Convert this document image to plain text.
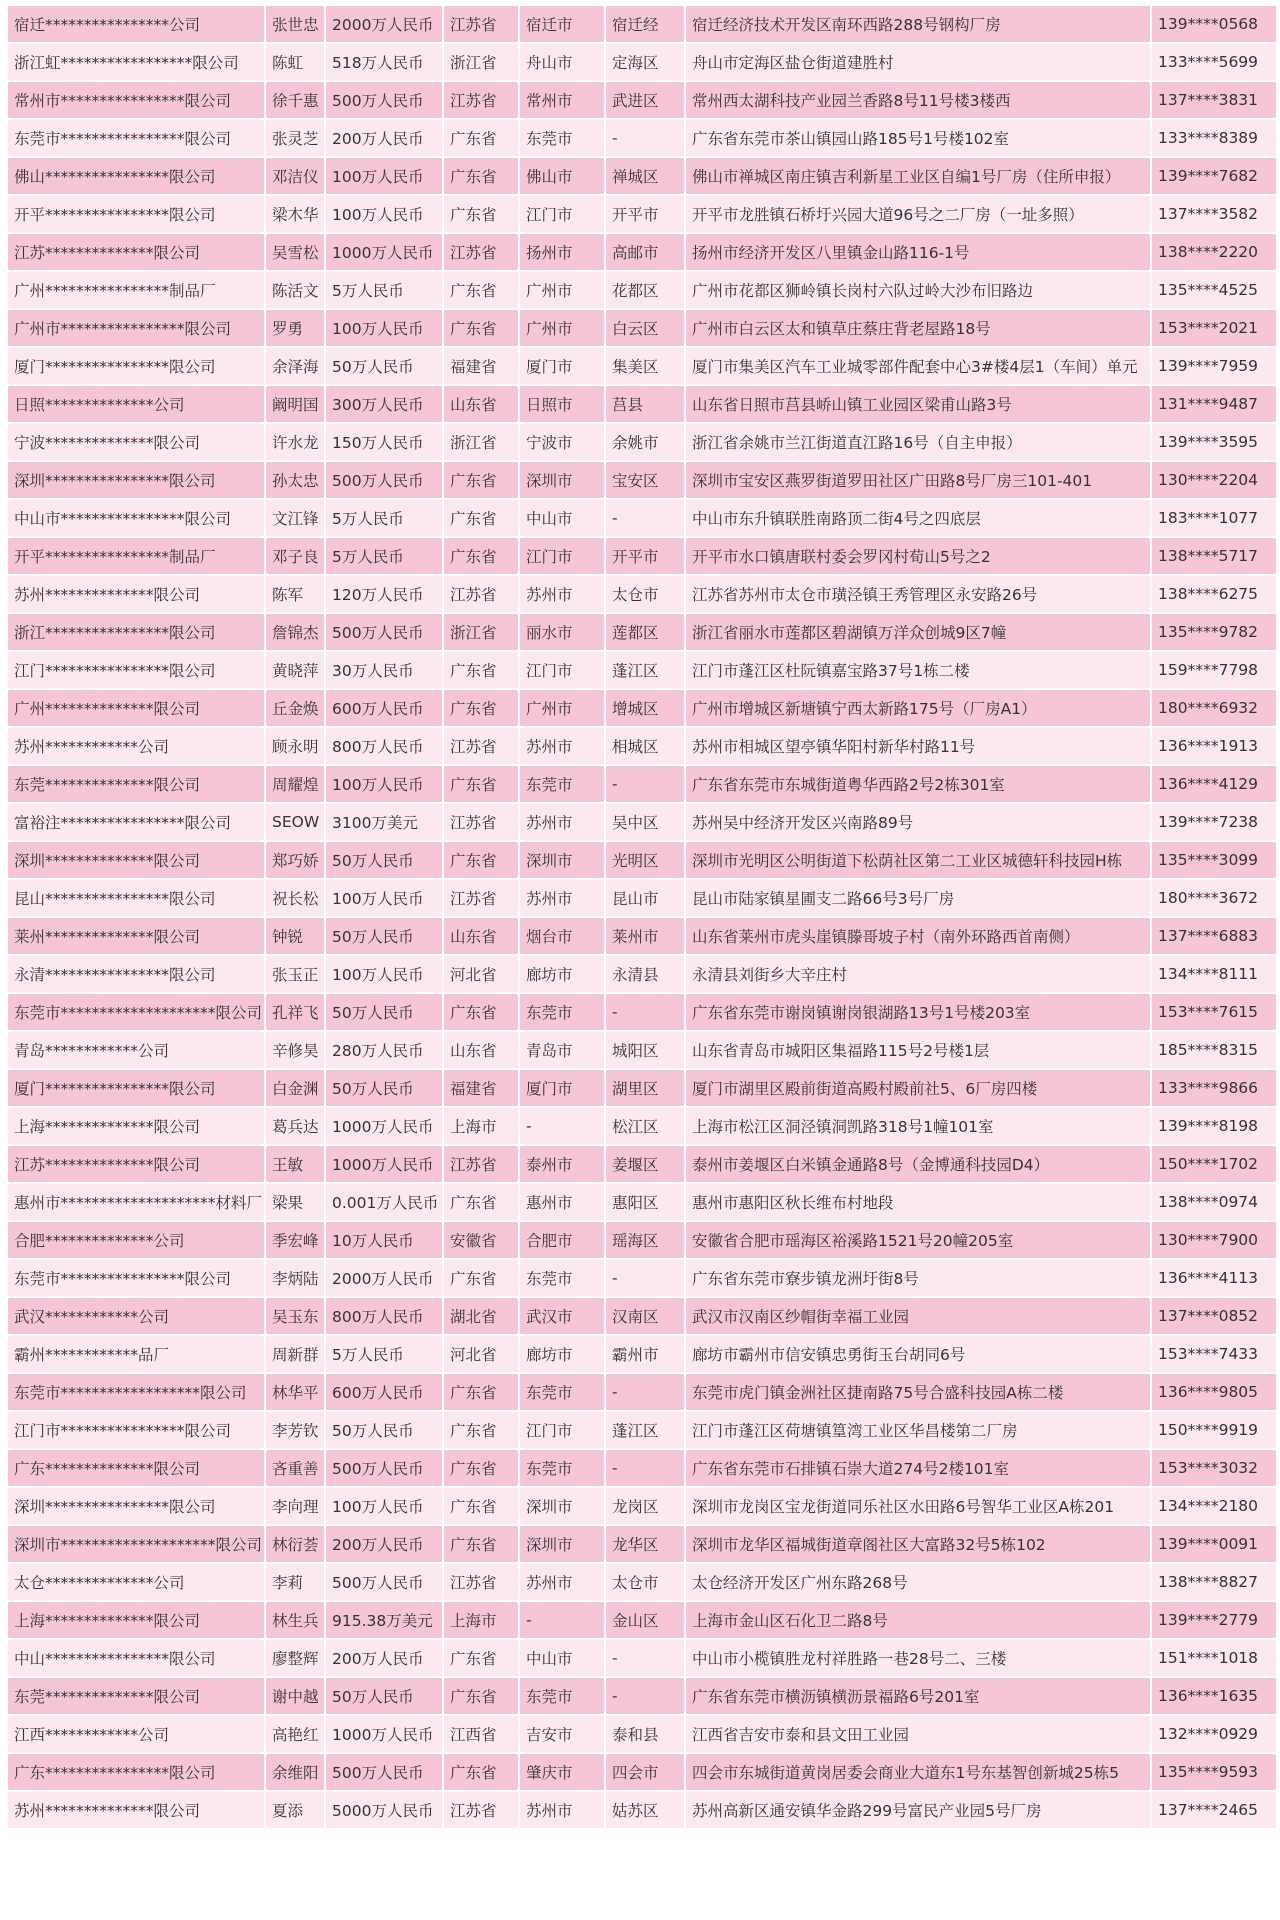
宿迁****************公司	张世忠	2000万人民币	江苏省	宿迁市	宿迁经	宿迁经济技术开发区南环西路288号钢构厂房	139****0568
浙江虹*****************限公司	陈虹	518万人民币	浙江省	舟山市	定海区	舟山市定海区盐仓街道建胜村	133****5699
常州市****************限公司	徐千惠	500万人民币	江苏省	常州市	武进区	常州西太湖科技产业园兰香路8号11号楼3楼西	137****3831
东莞市****************限公司	张灵芝	200万人民币	广东省	东莞市	-	广东省东莞市茶山镇园山路185号1号楼102室	133****8389
佛山****************限公司	邓洁仪	100万人民币	广东省	佛山市	禅城区	佛山市禅城区南庄镇吉利新星工业区自编1号厂房（住所申报）	139****7682
开平****************限公司	梁木华	100万人民币	广东省	江门市	开平市	开平市龙胜镇石桥圩兴园大道96号之二厂房（一址多照）	137****3582
江苏**************限公司	吴雪松	1000万人民币	江苏省	扬州市	高邮市	扬州市经济开发区八里镇金山路116-1号	138****2220
广州****************制品厂	陈活文	5万人民币	广东省	广州市	花都区	广州市花都区狮岭镇长岗村六队过岭大沙布旧路边	135****4525
广州市****************限公司	罗勇	100万人民币	广东省	广州市	白云区	广州市白云区太和镇草庄蔡庄背老屋路18号	153****2021
厦门****************限公司	余泽海	50万人民币	福建省	厦门市	集美区	厦门市集美区汽车工业城零部件配套中心3#楼4层1（车间）单元	139****7959
日照**************公司	阚明国	300万人民币	山东省	日照市	莒县	山东省日照市莒县峤山镇工业园区梁甫山路3号	131****9487
宁波**************限公司	许水龙	150万人民币	浙江省	宁波市	余姚市	浙江省余姚市兰江街道直江路16号（自主申报）	139****3595
深圳****************限公司	孙太忠	500万人民币	广东省	深圳市	宝安区	深圳市宝安区燕罗街道罗田社区广田路8号厂房三101-401	130****2204
中山市****************限公司	文江锋	5万人民币	广东省	中山市	-	中山市东升镇联胜南路顶二街4号之四底层	183****1077
开平****************制品厂	邓子良	5万人民币	广东省	江门市	开平市	开平市水口镇唐联村委会罗冈村荀山5号之2	138****5717
苏州**************限公司	陈军	120万人民币	江苏省	苏州市	太仓市	江苏省苏州市太仓市璜泾镇王秀管理区永安路26号	138****6275
浙江****************限公司	詹锦杰	500万人民币	浙江省	丽水市	莲都区	浙江省丽水市莲都区碧湖镇万洋众创城9区7幢	135****9782
江门****************限公司	黄晓萍	30万人民币	广东省	江门市	蓬江区	江门市蓬江区杜阮镇嘉宝路37号1栋二楼	159****7798
广州**************限公司	丘金焕	600万人民币	广东省	广州市	增城区	广州市增城区新塘镇宁西太新路175号（厂房A1）	180****6932
苏州************公司	顾永明	800万人民币	江苏省	苏州市	相城区	苏州市相城区望亭镇华阳村新华村路11号	136****1913
东莞**************限公司	周耀煌	100万人民币	广东省	东莞市	-	广东省东莞市东城街道粤华西路2号2栋301室	136****4129
富裕注****************限公司	SEOW	3100万美元	江苏省	苏州市	吴中区	苏州吴中经济开发区兴南路89号	139****7238
深圳**************限公司	郑巧娇	50万人民币	广东省	深圳市	光明区	深圳市光明区公明街道下松荫社区第二工业区城德轩科技园H栋	135****3099
昆山****************限公司	祝长松	100万人民币	江苏省	苏州市	昆山市	昆山市陆家镇星圃支二路66号3号厂房	180****3672
莱州**************限公司	钟锐	50万人民币	山东省	烟台市	莱州市	山东省莱州市虎头崖镇滕哥坡子村（南外环路西首南侧）	137****6883
永清****************限公司	张玉正	100万人民币	河北省	廊坊市	永清县	永清县刘街乡大辛庄村	134****8111
东莞市********************限公司	孔祥飞	50万人民币	广东省	东莞市	-	广东省东莞市谢岗镇谢岗银湖路13号1号楼203室	153****7615
青岛************公司	辛修昊	280万人民币	山东省	青岛市	城阳区	山东省青岛市城阳区集福路115号2号楼1层	185****8315
厦门****************限公司	白金渊	50万人民币	福建省	厦门市	湖里区	厦门市湖里区殿前街道高殿村殿前社5、6厂房四楼	133****9866
上海**************限公司	葛兵达	1000万人民币	上海市	-	松江区	上海市松江区洞泾镇洞凯路318号1幢101室	139****8198
江苏**************限公司	王敏	1000万人民币	江苏省	泰州市	姜堰区	泰州市姜堰区白米镇金通路8号（金博通科技园D4）	150****1702
惠州市********************材料厂	梁果	0.001万人民币	广东省	惠州市	惠阳区	惠州市惠阳区秋长维布村地段	138****0974
合肥**************公司	季宏峰	10万人民币	安徽省	合肥市	瑶海区	安徽省合肥市瑶海区裕溪路1521号20幢205室	130****7900
东莞市****************限公司	李炳陆	2000万人民币	广东省	东莞市	-	广东省东莞市寮步镇龙洲圩街8号	136****4113
武汉************公司	吴玉东	800万人民币	湖北省	武汉市	汉南区	武汉市汉南区纱帽街幸福工业园	137****0852
霸州************品厂	周新群	5万人民币	河北省	廊坊市	霸州市	廊坊市霸州市信安镇忠勇街玉台胡同6号	153****7433
东莞市******************限公司	林华平	600万人民币	广东省	东莞市	-	东莞市虎门镇金洲社区捷南路75号合盛科技园A栋二楼	136****9805
江门市****************限公司	李芳钦	50万人民币	广东省	江门市	蓬江区	江门市蓬江区荷塘镇篁湾工业区华昌楼第二厂房	150****9919
广东**************限公司	吝重善	500万人民币	广东省	东莞市	-	广东省东莞市石排镇石崇大道274号2楼101室	153****3032
深圳****************限公司	李向理	100万人民币	广东省	深圳市	龙岗区	深圳市龙岗区宝龙街道同乐社区水田路6号智华工业区A栋201	134****2180
深圳市********************限公司	林衍荟	200万人民币	广东省	深圳市	龙华区	深圳市龙华区福城街道章阁社区大富路32号5栋102	139****0091
太仓**************公司	李莉	500万人民币	江苏省	苏州市	太仓市	太仓经济开发区广州东路268号	138****8827
上海**************限公司	林生兵	915.38万美元	上海市	-	金山区	上海市金山区石化卫二路8号	139****2779
中山****************限公司	廖整辉	200万人民币	广东省	中山市	-	中山市小榄镇胜龙村祥胜路一巷28号二、三楼	151****1018
东莞**************限公司	谢中越	50万人民币	广东省	东莞市	-	广东省东莞市横沥镇横沥景福路6号201室	136****1635
江西************公司	高艳红	1000万人民币	江西省	吉安市	泰和县	江西省吉安市泰和县文田工业园	132****0929
广东****************限公司	余维阳	500万人民币	广东省	肇庆市	四会市	四会市东城街道黄岗居委会商业大道东1号东基智创新城25栋5	135****9593
苏州**************限公司	夏添	5000万人民币	江苏省	苏州市	姑苏区	苏州高新区通安镇华金路299号富民产业园5号厂房	137****2465
